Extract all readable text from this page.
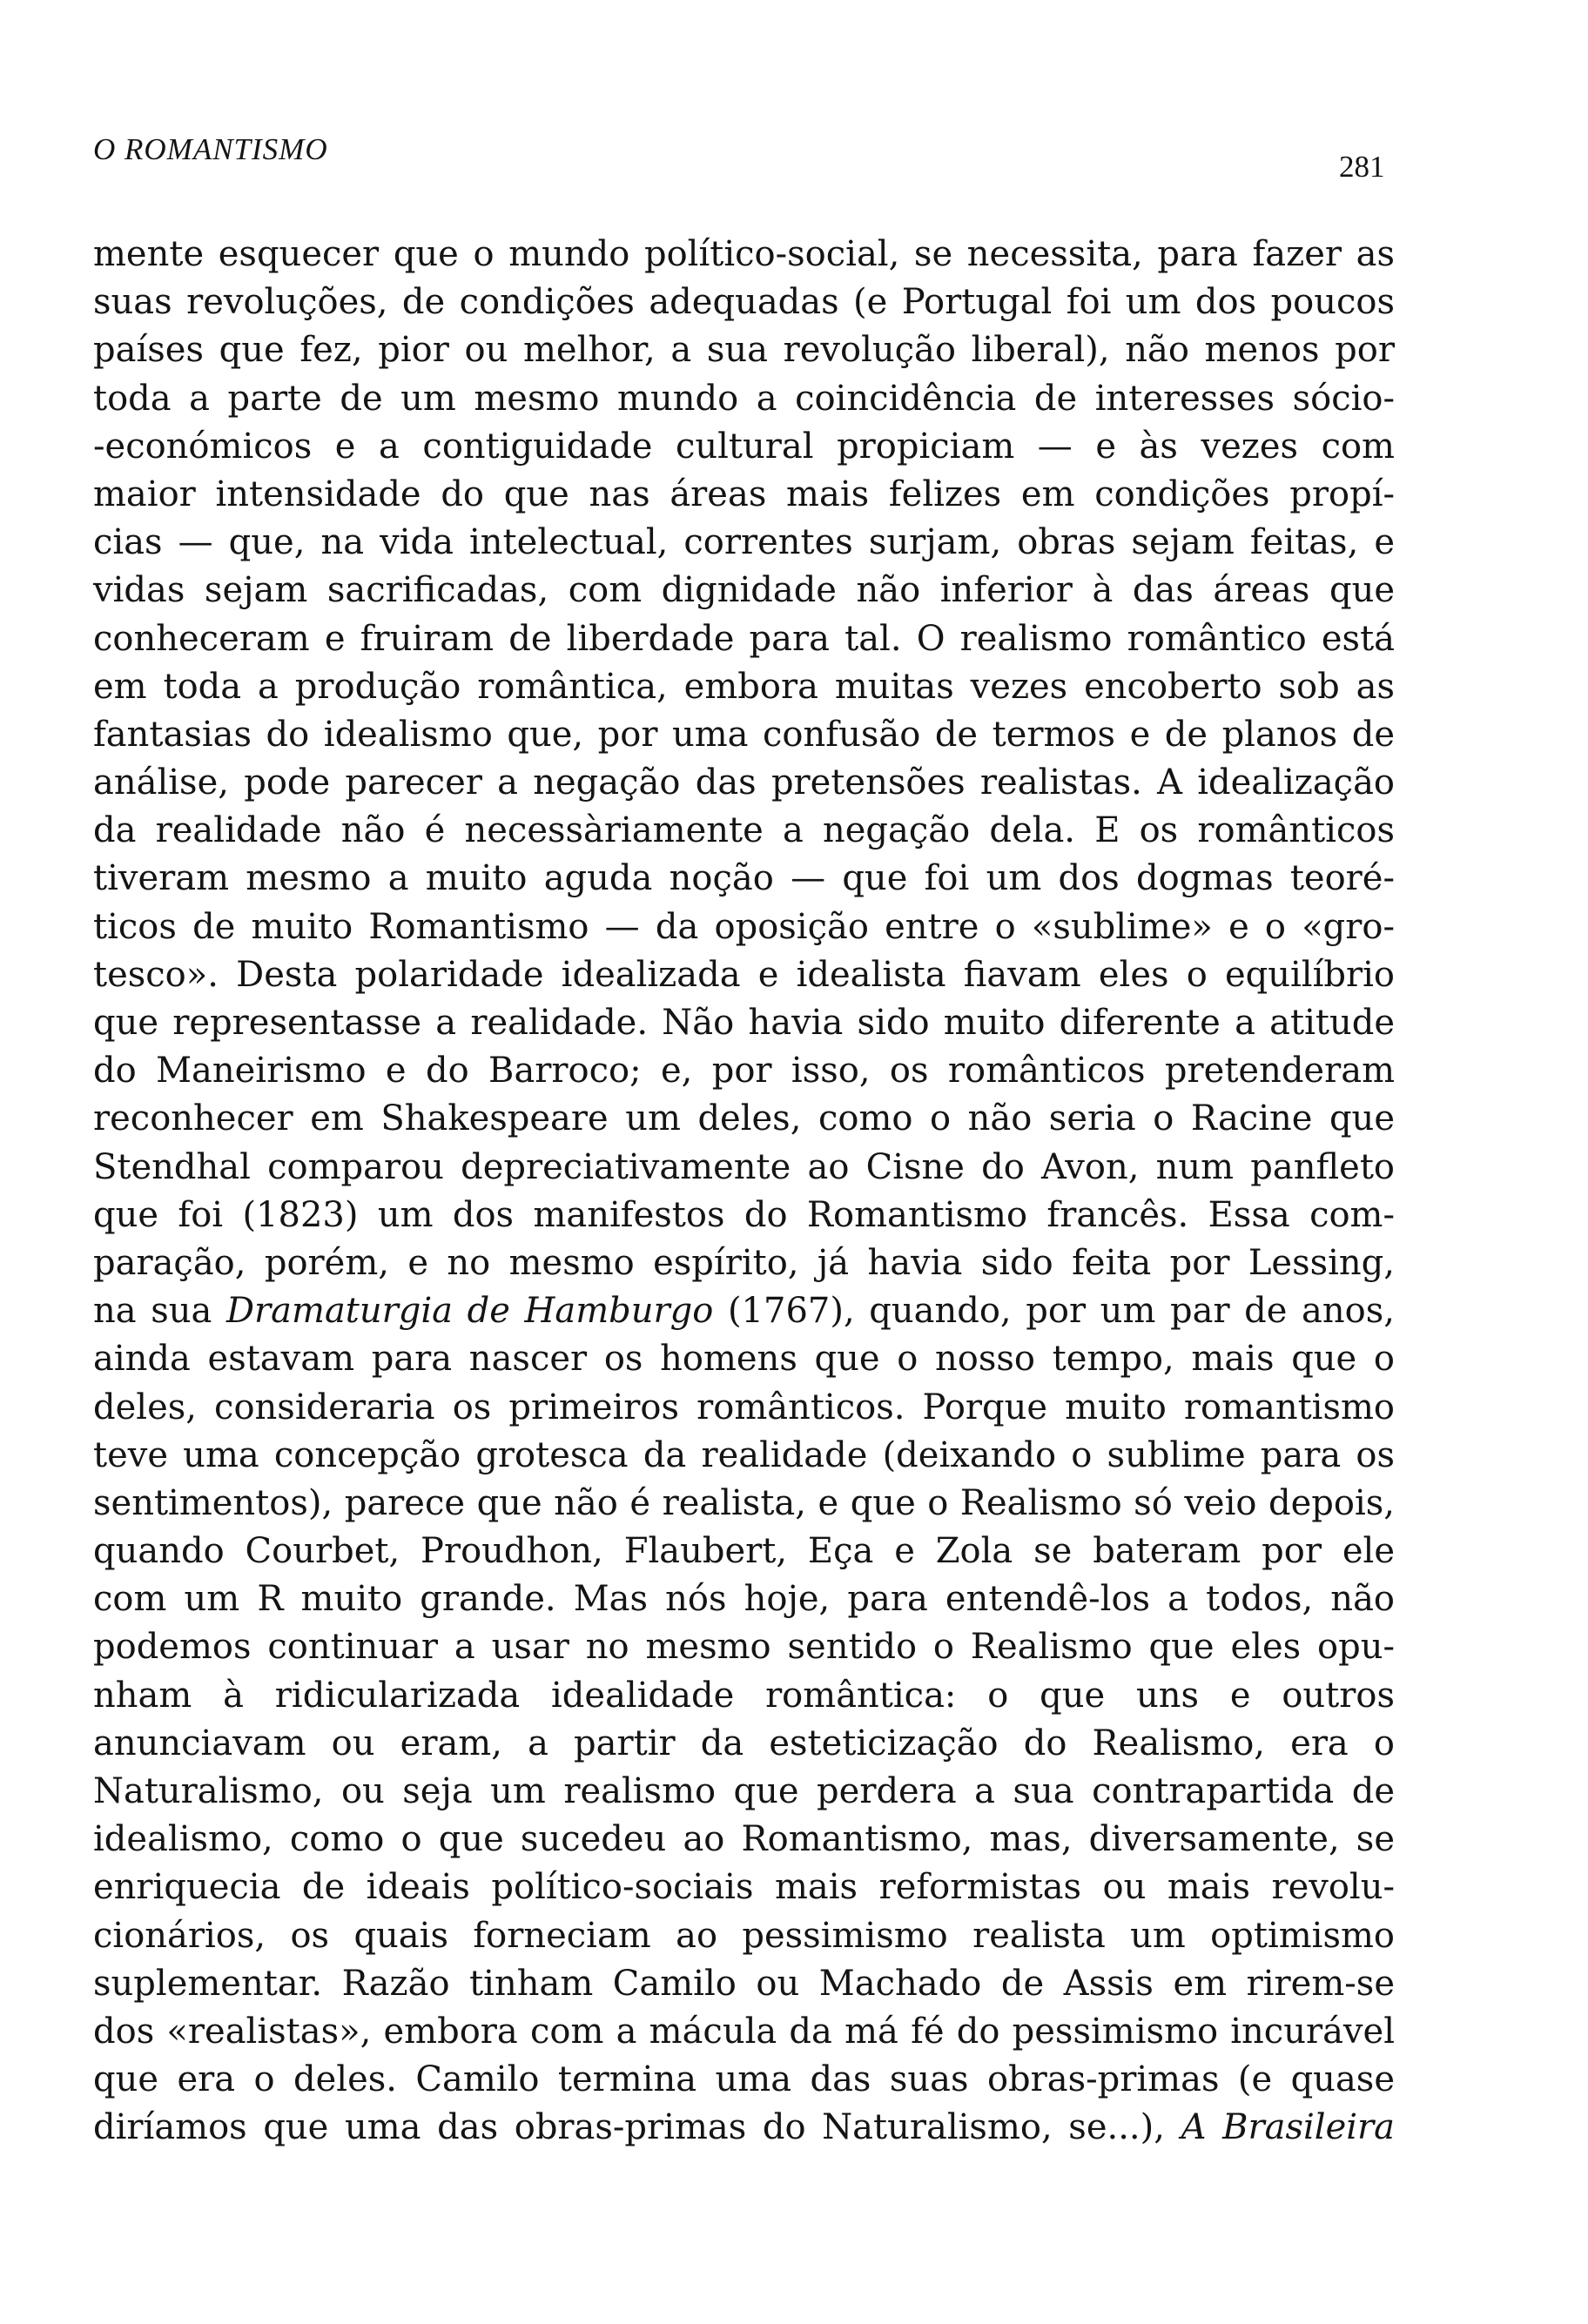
O ROMANTISMO
281
mente esquecer que o mundo político-social, se necessita, para fazer as
suas revoluções, de condições adequadas (e Portugal foi um dos poucos
países que fez, pior ou melhor, a sua revolução liberal), não menos por
toda a parte de um mesmo mundo a coincidência de interesses sócio-
-económicos e a contiguidade cultural propiciam — e às vezes com
maior intensidade do que nas áreas mais felizes em condições propí-
cias — que, na vida intelectual, correntes surjam, obras sejam feitas, e
vidas sejam sacrificadas, com dignidade não inferior à das áreas que
conheceram e fruiram de liberdade para tal. O realismo romântico está
em toda a produção romântica, embora muitas vezes encoberto sob as
fantasias do idealismo que, por uma confusão de termos e de planos de
análise, pode parecer a negação das pretensões realistas. A idealização
da realidade não é necessàriamente a negação dela. E os românticos
tiveram mesmo a muito aguda noção — que foi um dos dogmas teoré-
ticos de muito Romantismo — da oposição entre o «sublime» e o «gro-
tesco». Desta polaridade idealizada e idealista fiavam eles o equilíbrio
que representasse a realidade. Não havia sido muito diferente a atitude
do Maneirismo e do Barroco; e, por isso, os românticos pretenderam
reconhecer em Shakespeare um deles, como o não seria o Racine que
Stendhal comparou depreciativamente ao Cisne do Avon, num panfleto
que foi (1823) um dos manifestos do Romantismo francês. Essa com-
paração, porém, e no mesmo espírito, já havia sido feita por Lessing,
na sua Dramaturgia de Hamburgo (1767), quando, por um par de anos,
ainda estavam para nascer os homens que o nosso tempo, mais que o
deles, consideraria os primeiros românticos. Porque muito romantismo
teve uma concepção grotesca da realidade (deixando o sublime para os
sentimentos), parece que não é realista, e que o Realismo só veio depois,
quando Courbet, Proudhon, Flaubert, Eça e Zola se bateram por ele
com um R muito grande. Mas nós hoje, para entendê-los a todos, não
podemos continuar a usar no mesmo sentido o Realismo que eles opu-
nham à ridicularizada idealidade romântica: o que uns e outros
anunciavam ou eram, a partir da esteticização do Realismo, era o
Naturalismo, ou seja um realismo que perdera a sua contrapartida de
idealismo, como o que sucedeu ao Romantismo, mas, diversamente, se
enriquecia de ideais político-sociais mais reformistas ou mais revolu-
cionários, os quais forneciam ao pessimismo realista um optimismo
suplementar. Razão tinham Camilo ou Machado de Assis em rirem-se
dos «realistas», embora com a mácula da má fé do pessimismo incurável
que era o deles. Camilo termina uma das suas obras-primas (e quase
diríamos que uma das obras-primas do Naturalismo, se...), A Brasileira
